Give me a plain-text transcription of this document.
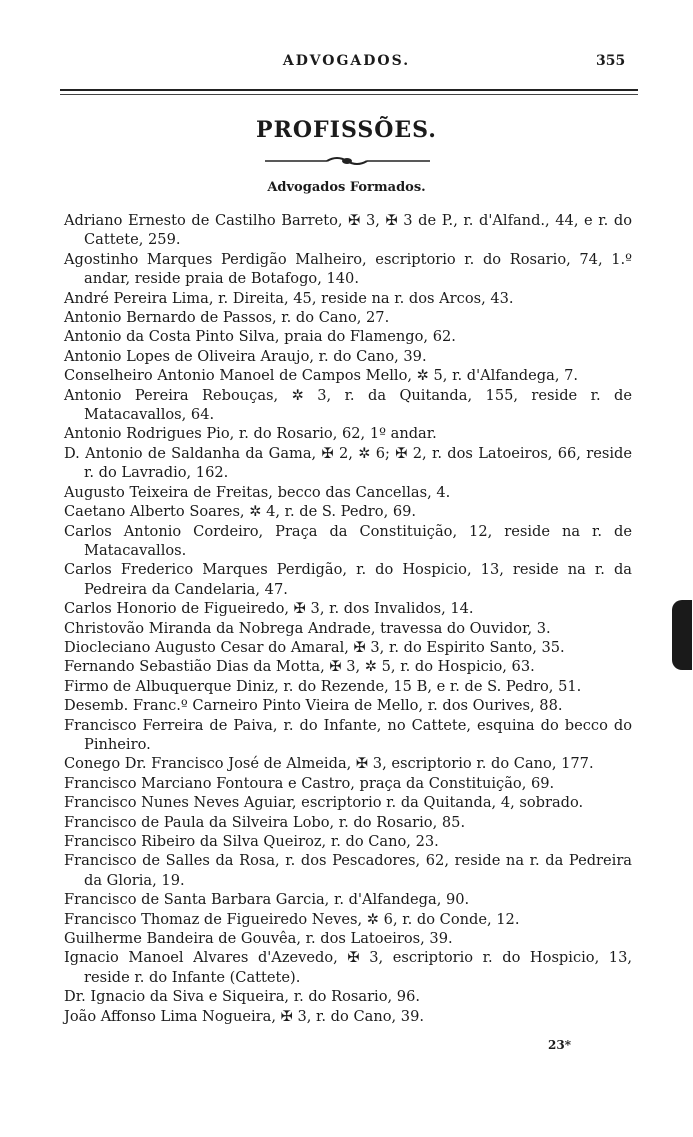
ADVOGADOS.	355
PROFISSÕES.
Advogados Formados.
Adriano Ernesto de Castilho Barreto, ✠ 3, ✠ 3 de P., r. d'Alfand., 44, e r. do Cattete, 259.
Agostinho Marques Perdigão Malheiro, escriptorio r. do Rosario, 74, 1.º andar, reside praia de Botafogo, 140.
André Pereira Lima, r. Direita, 45, reside na r. dos Arcos, 43.
Antonio Bernardo de Passos, r. do Cano, 27.
Antonio da Costa Pinto Silva, praia do Flamengo, 62.
Antonio Lopes de Oliveira Araujo, r. do Cano, 39.
Conselheiro Antonio Manoel de Campos Mello, ✲ 5, r. d'Alfandega, 7.
Antonio Pereira Rebouças, ✲ 3, r. da Quitanda, 155, reside r. de Matacavallos, 64.
Antonio Rodrigues Pio, r. do Rosario, 62, 1º andar.
D. Antonio de Saldanha da Gama, ✠ 2, ✲ 6; ✠ 2, r. dos Latoeiros, 66, reside r. do Lavradio, 162.
Augusto Teixeira de Freitas, becco das Cancellas, 4.
Caetano Alberto Soares, ✲ 4, r. de S. Pedro, 69.
Carlos Antonio Cordeiro, Praça da Constituição, 12, reside na r. de Matacavallos.
Carlos Frederico Marques Perdigão, r. do Hospicio, 13, reside na r. da Pedreira da Candelaria, 47.
Carlos Honorio de Figueiredo, ✠ 3, r. dos Invalidos, 14.
Christovão Miranda da Nobrega Andrade, travessa do Ouvidor, 3.
Diocleciano Augusto Cesar do Amaral, ✠ 3, r. do Espirito Santo, 35.
Fernando Sebastião Dias da Motta, ✠ 3, ✲ 5, r. do Hospicio, 63.
Firmo de Albuquerque Diniz, r. do Rezende, 15 B, e r. de S. Pedro, 51.
Desemb. Franc.º Carneiro Pinto Vieira de Mello, r. dos Ourives, 88.
Francisco Ferreira de Paiva, r. do Infante, no Cattete, esquina do becco do Pinheiro.
Conego Dr. Francisco José de Almeida, ✠ 3, escriptorio r. do Cano, 177.
Francisco Marciano Fontoura e Castro, praça da Constituição, 69.
Francisco Nunes Neves Aguiar, escriptorio r. da Quitanda, 4, sobrado.
Francisco de Paula da Silveira Lobo, r. do Rosario, 85.
Francisco Ribeiro da Silva Queiroz, r. do Cano, 23.
Francisco de Salles da Rosa, r. dos Pescadores, 62, reside na r. da Pedreira da Gloria, 19.
Francisco de Santa Barbara Garcia, r. d'Alfandega, 90.
Francisco Thomaz de Figueiredo Neves, ✲ 6, r. do Conde, 12.
Guilherme Bandeira de Gouvêa, r. dos Latoeiros, 39.
Ignacio Manoel Alvares d'Azevedo, ✠ 3, escriptorio r. do Hospicio, 13, reside r. do Infante (Cattete).
Dr. Ignacio da Siva e Siqueira, r. do Rosario, 96.
João Affonso Lima Nogueira, ✠ 3, r. do Cano, 39.
23*
